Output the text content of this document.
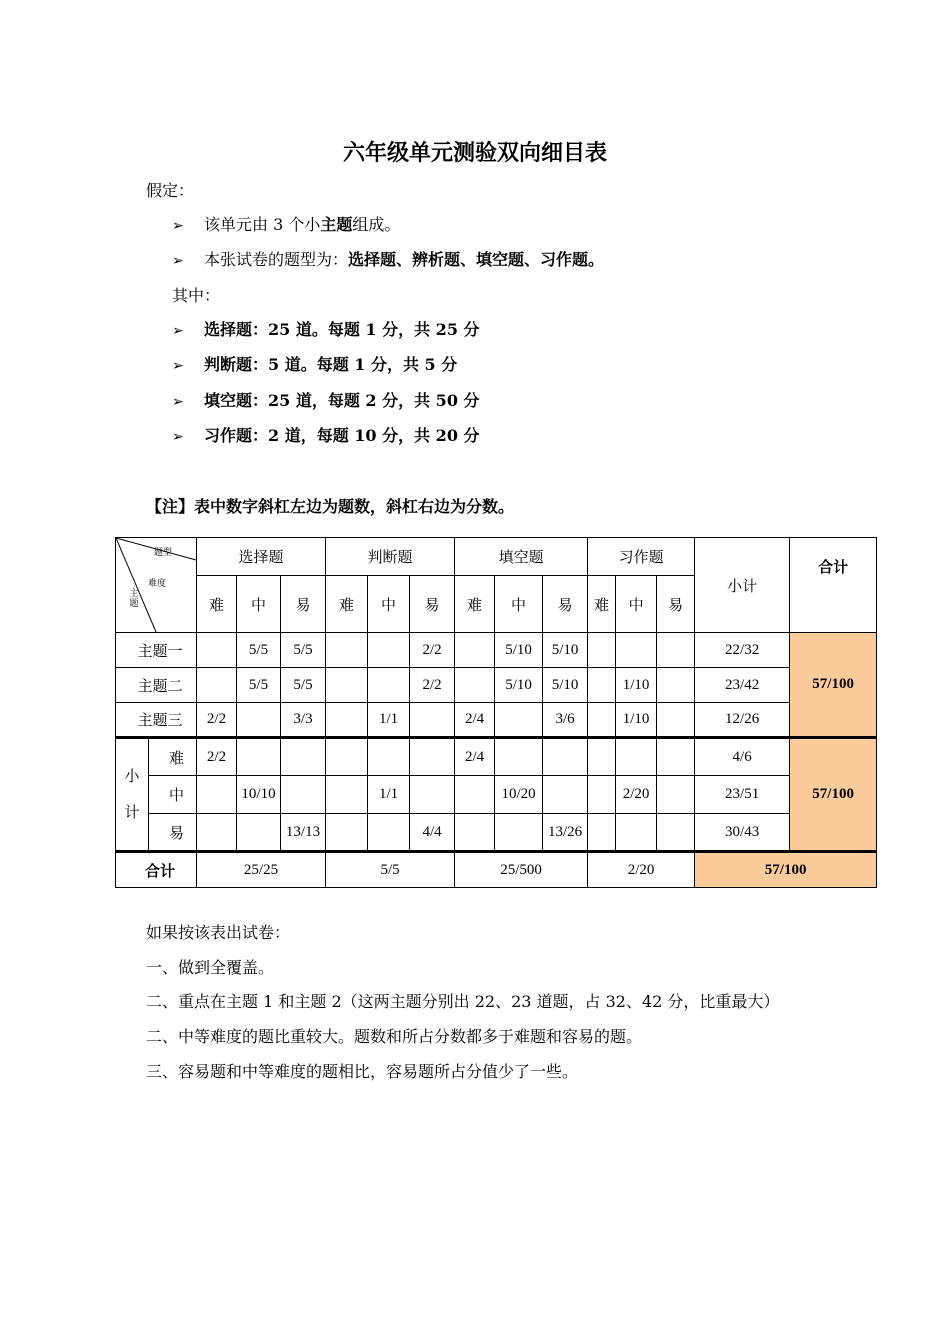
六年级单元测验双向细目表
假定：
➢ 该单元由 3 个小主题组成。
➢ 本张试卷的题型为：选择题、辨析题、填空题、习作题。
其中：
➢ 选择题：25 道。每题 1 分，共 25 分
➢ 判断题：5 道。每题 1 分，共 5 分
➢ 填空题：25 道，每题 2 分，共 50 分
➢ 习作题：2 道，每题 10 分，共 20 分
【注】表中数字斜杠左边为题数，斜杠右边为分数。
题型
难度
主题		选择题			判断题			填空题			习作题			小计	合计
		难	中	易	难	中	易	难	中	易	难	中	易		
主题一			5/5	5/5			2/2		5/10	5/10				22/32	57/100
主题二			5/5	5/5			2/2		5/10	5/10		1/10		23/42	
主题三		2/2		3/3		1/1		2/4		3/6		1/10		12/26	

小
计	难	2/2						2/4						4/6	57/100
	中		10/10			1/1			10/20			2/20		23/51	
	易			13/13			4/4			13/26				30/43	
合计		25/25			5/5			25/500			2/20			57/100	
如果按该表出试卷：
一、做到全覆盖。
二、重点在主题 1 和主题 2（这两主题分别出 22、23 道题，占 32、42 分，比重最大）
二、中等难度的题比重较大。题数和所占分数都多于难题和容易的题。
三、容易题和中等难度的题相比，容易题所占分值少了一些。
